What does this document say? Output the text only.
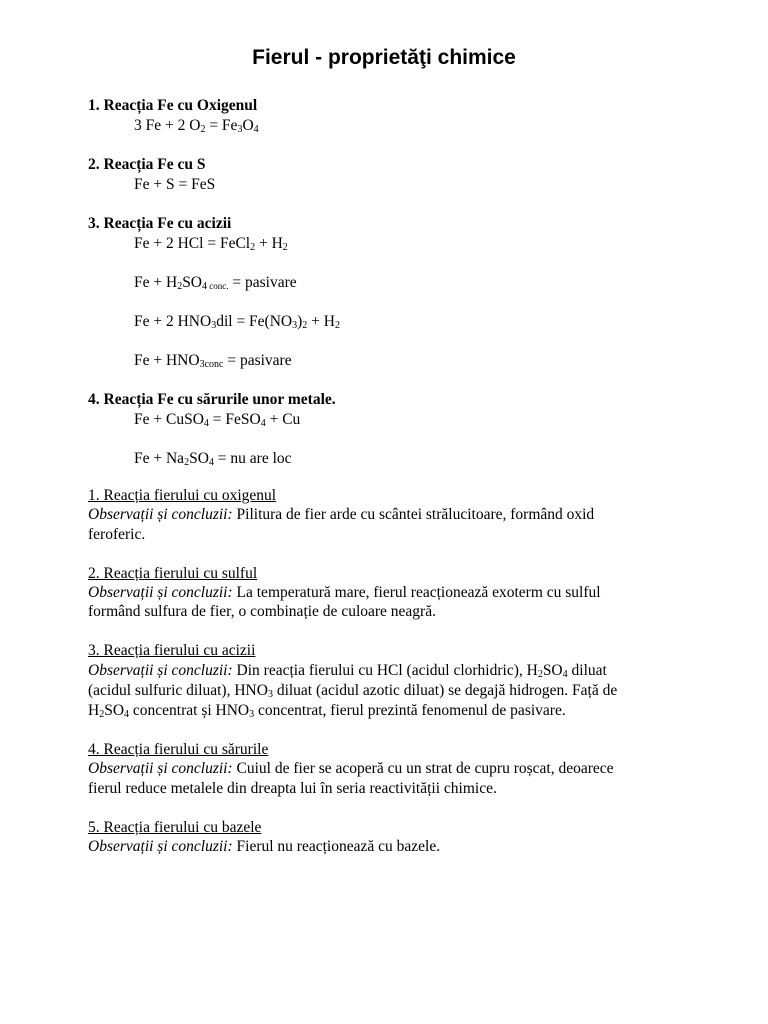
Fierul - proprietăţi chimice
1. Reacția Fe cu Oxigenul
3 Fe + 2 $O_2 = Fe_3O_4$
2. Reacția Fe cu S
Fe + S = FeS
3. Reacția Fe cu acizii
Fe + 2 HCl = FeCl$_2$ + $H_2$
$Fe + H_2SO_4$ conc. = pasivare
Fe + 2 $HNO_3dil = Fe(NO_3)_2 + H_2$
$Fe + HNO_{3conc}$ = pasivare
4. Reacția Fe cu sărurile unor metale.
Fe + CuSO$_4$ = FeSO$_4$ + Cu
$Fe + Na_2SO_4$ = nu are loc
1. Reacția fierului cu oxigenul
Observații și concluzii: Pilitura de fier arde cu scântei strălucitoare, formând oxid
feroferic.
2. Reacția fierului cu sulful
Observații și concluzii: La temperatură mare, fierul reacționează exoterm cu sulful
formând sulfura de fier, o combinație de culoare neagră.
3. Reacția fierului cu acizii
Observații și concluzii: Din reacția fierului cu HCl (acidul clorhidric), $H_2SO_4$ diluat
(acidul sulfuric diluat), $HNO_3$ diluat (acidul azotic diluat) se degajă hidrogen. Față de
$H_2SO_4$ concentrat și $HNO_3$ concentrat, fierul prezintă fenomenul de pasivare.
4. Reacția fierului cu sărurile
Observații și concluzii: Cuiul de fier se acoperă cu un strat de cupru roșcat, deoarece
fierul reduce metalele din dreapta lui în seria reactivității chimice.
5. Reacția fierului cu bazele
Observații și concluzii: Fierul nu reacționează cu bazele.
